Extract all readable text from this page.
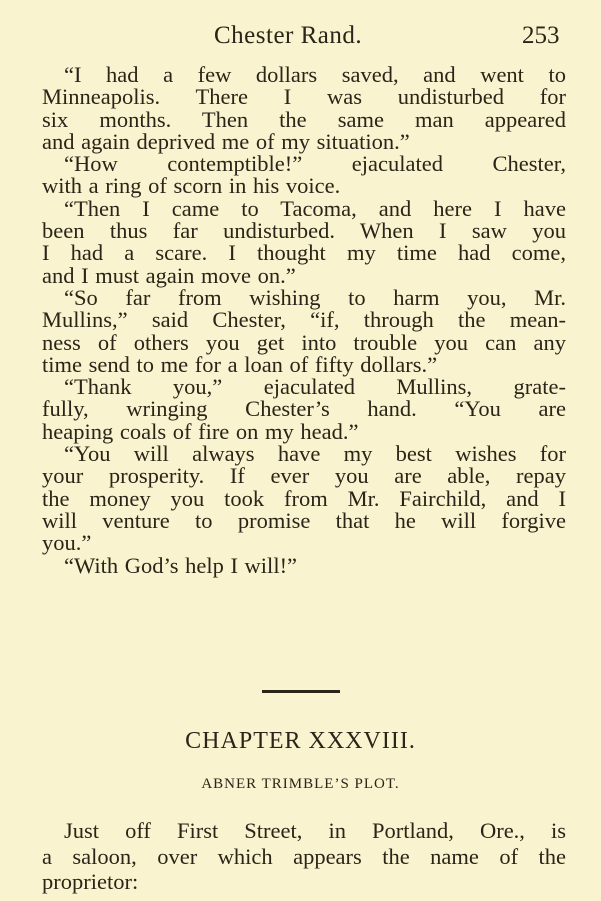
Chester Rand.	253
“I had a few dollars saved, and went to
Minneapolis. There I was undisturbed for
six months. Then the same man appeared
and again deprived me of my situation.”
“How contemptible!” ejaculated Chester,
with a ring of scorn in his voice.
“Then I came to Tacoma, and here I have
been thus far undisturbed. When I saw you
I had a scare. I thought my time had come,
and I must again move on.”
“So far from wishing to harm you, Mr.
Mullins,” said Chester, “if, through the mean-
ness of others you get into trouble you can any
time send to me for a loan of fifty dollars.”
“Thank you,” ejaculated Mullins, grate-
fully, wringing Chester’s hand. “You are
heaping coals of fire on my head.”
“You will always have my best wishes for
your prosperity. If ever you are able, repay
the money you took from Mr. Fairchild, and I
will venture to promise that he will forgive
you.”
“With God’s help I will!”
CHAPTER XXXVIII.
ABNER TRIMBLE’S PLOT.
Just off First Street, in Portland, Ore., is
a saloon, over which appears the name of the
proprietor:
